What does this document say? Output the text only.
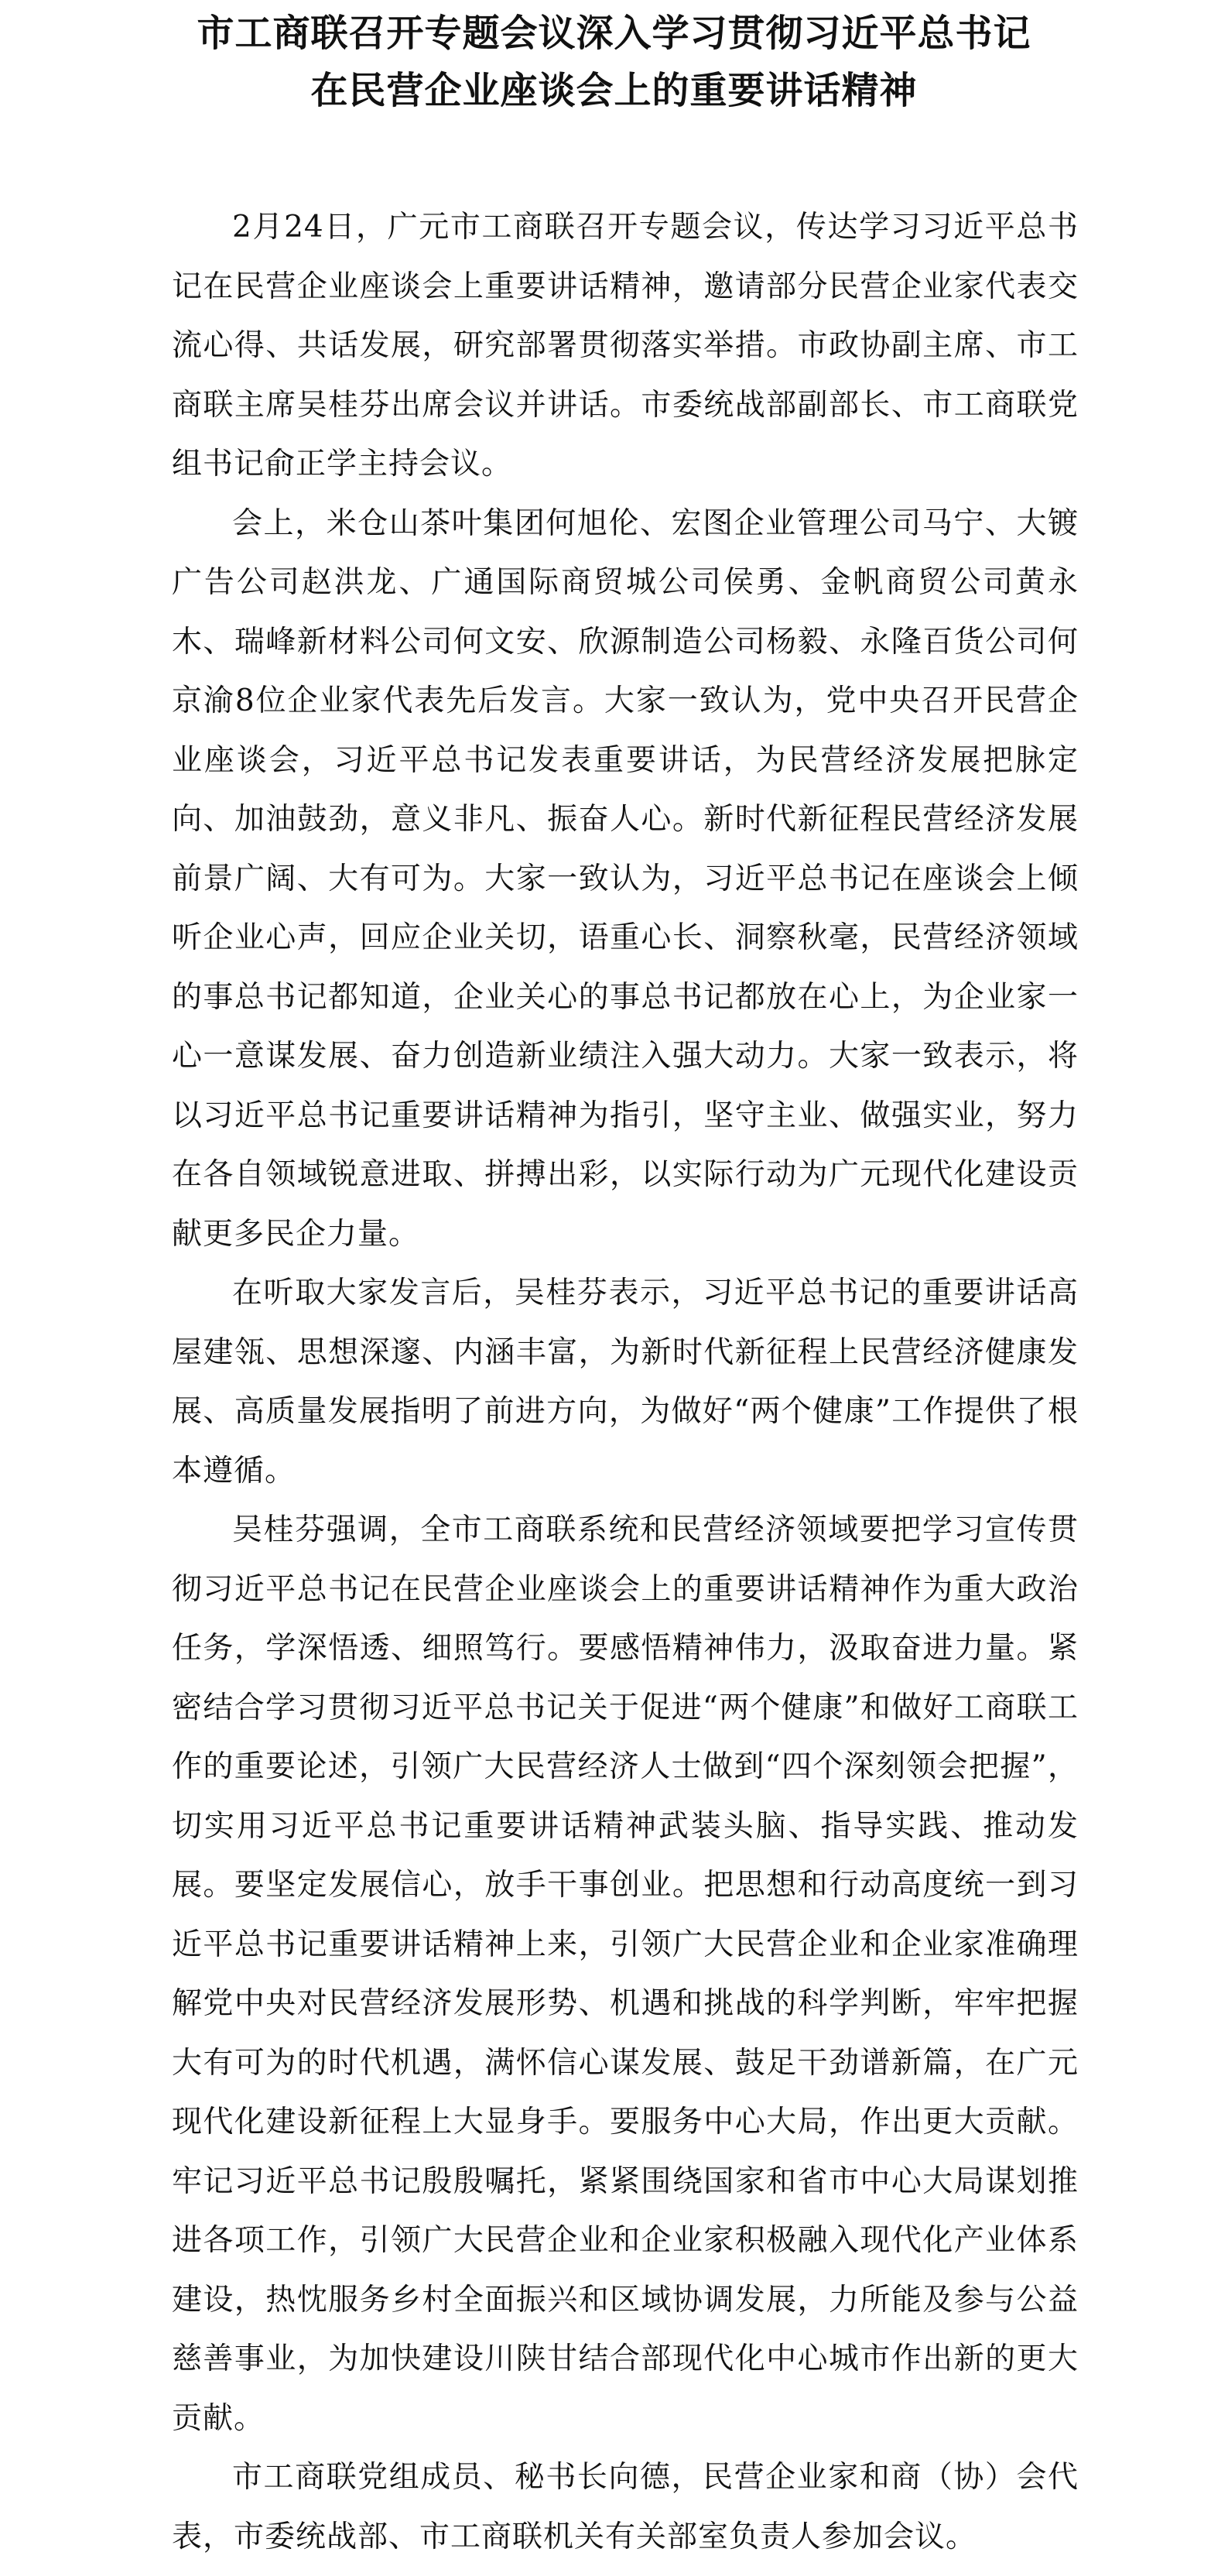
市工商联召开专题会议深入学习贯彻习近平总书记
在民营企业座谈会上的重要讲话精神

2月24日，广元市工商联召开专题会议，传达学习习近平总书记在民营企业座谈会上重要讲话精神，邀请部分民营企业家代表交流心得、共话发展，研究部署贯彻落实举措。市政协副主席、市工商联主席吴桂芬出席会议并讲话。市委统战部副部长、市工商联党组书记俞正学主持会议。

会上，米仓山茶叶集团何旭伦、宏图企业管理公司马宁、大镀广告公司赵洪龙、广通国际商贸城公司侯勇、金帆商贸公司黄永木、瑞峰新材料公司何文安、欣源制造公司杨毅、永隆百货公司何京渝8位企业家代表先后发言。大家一致认为，党中央召开民营企业座谈会，习近平总书记发表重要讲话，为民营经济发展把脉定向、加油鼓劲，意义非凡、振奋人心。新时代新征程民营经济发展前景广阔、大有可为。大家一致认为，习近平总书记在座谈会上倾听企业心声，回应企业关切，语重心长、洞察秋毫，民营经济领域的事总书记都知道，企业关心的事总书记都放在心上，为企业家一心一意谋发展、奋力创造新业绩注入强大动力。大家一致表示，将以习近平总书记重要讲话精神为指引，坚守主业、做强实业，努力在各自领域锐意进取、拼搏出彩，以实际行动为广元现代化建设贡献更多民企力量。

在听取大家发言后，吴桂芬表示，习近平总书记的重要讲话高屋建瓴、思想深邃、内涵丰富，为新时代新征程上民营经济健康发展、高质量发展指明了前进方向，为做好“两个健康”工作提供了根本遵循。

吴桂芬强调，全市工商联系统和民营经济领域要把学习宣传贯彻习近平总书记在民营企业座谈会上的重要讲话精神作为重大政治任务，学深悟透、细照笃行。要感悟精神伟力，汲取奋进力量。紧密结合学习贯彻习近平总书记关于促进“两个健康”和做好工商联工作的重要论述，引领广大民营经济人士做到“四个深刻领会把握”，切实用习近平总书记重要讲话精神武装头脑、指导实践、推动发展。要坚定发展信心，放手干事创业。把思想和行动高度统一到习近平总书记重要讲话精神上来，引领广大民营企业和企业家准确理解党中央对民营经济发展形势、机遇和挑战的科学判断，牢牢把握大有可为的时代机遇，满怀信心谋发展、鼓足干劲谱新篇，在广元现代化建设新征程上大显身手。要服务中心大局，作出更大贡献。牢记习近平总书记殷殷嘱托，紧紧围绕国家和省市中心大局谋划推进各项工作，引领广大民营企业和企业家积极融入现代化产业体系建设，热忱服务乡村全面振兴和区域协调发展，力所能及参与公益慈善事业，为加快建设川陕甘结合部现代化中心城市作出新的更大贡献。

市工商联党组成员、秘书长向德，民营企业家和商（协）会代表，市委统战部、市工商联机关有关部室负责人参加会议。
